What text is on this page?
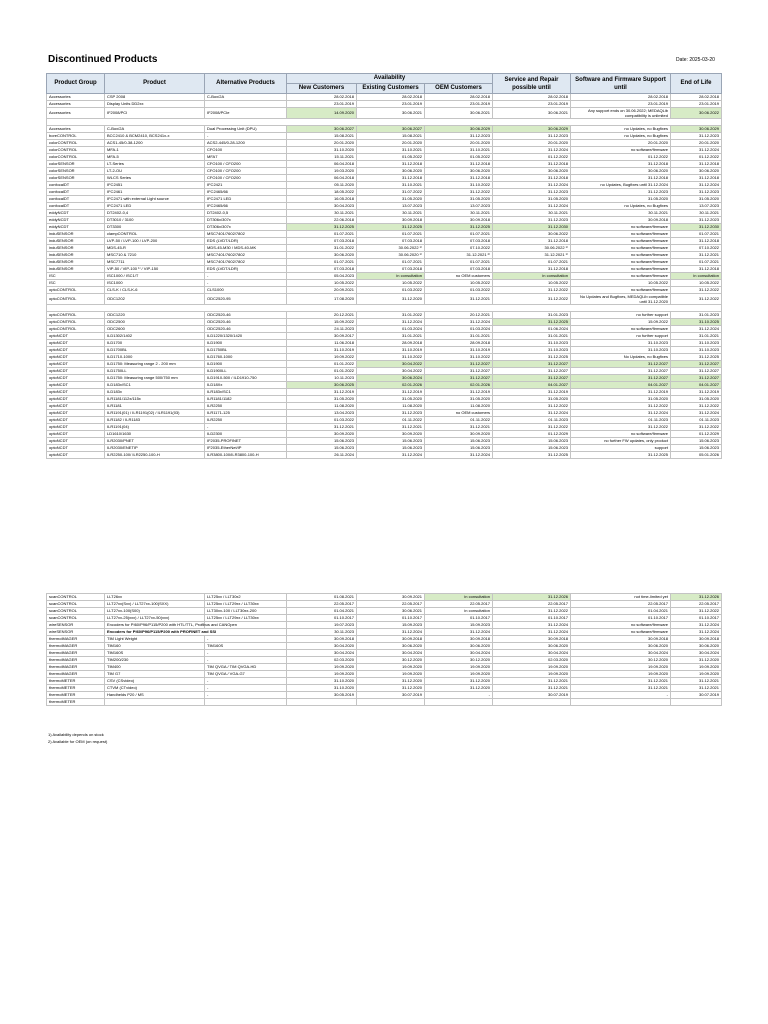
Discontinued Products	Date: 2025-03-20
Product Group	Product	Alternative Products	Availability			Service and Repair possible until	Software and Firmware Support until	End of Life
			New Customers	Existing Customers	OEM Customers			
Accessories	CSP 2008	C-Box/2A	28.02.2018	28.02.2018	28.02.2018	28.02.2018	28.02.2018	28.02.2018
Accessories	Display Units DD2xx		23.01.2019	23.01.2019	23.01.2019	23.01.2019	23.01.2019	23.01.2019
Accessories	IF2008/PCI	IF2008/PCIe	14.09.2020	30.06.2021	30.06.2021	30.06.2021	Any support ends on 30.06.2022; MEDAQLib compatibility is unlimited	30.06.2022

Accessories	C-Box/2A	Dual Processing Unit (DPU)	30.06.2027	30.06.2027	30.06.2029	30.06.2029	no Updates, no Bugfixes	30.06.2029
boreCONTROL	BCC2410 & BCM2410, BCS241x-x	-	15.08.2021	15.08.2021	31.12.2023	31.12.2023	no Updates, no Bugfixes	31.12.2023
colorCONTROL	ACS1-45/0-38-1200	ACS2-445/0-28-1200	20.01.2020	20.01.2020	20.01.2020	20.01.2020	20.01.2020	20.01.2020
colorCONTROL	MFA-1	CFO100	31.10.2020	31.10.2021	31.10.2021	31.12.2024	no software/firmware	31.12.2024
colorCONTROL	MFA-5	MFA7	15.11.2021	01.05.2022	01.05.2022	01.12.2022	01.12.2022	01.12.2022
colorSENSOR	LT-Series	CFO100 / CFO200	06.04.2018	31.12.2018	31.12.2018	31.12.2018	31.12.2018	31.12.2018
colorSENSOR	LT-2-OU	CFO100 / CFO200	19.03.2020	30.06.2020	30.06.2020	30.06.2020	30.06.2020	30.06.2020
colorSENSOR	WLCS Series	CFO100 / CFO200	06.04.2018	31.12.2018	31.12.2018	31.12.2018	31.12.2018	31.12.2018
confocalDT	IFC2451	IFC2421	05.11.2020	31.10.2021	31.10.2022	31.12.2024	no Updates, Bugfixes until 31.12.2024	31.12.2024
confocalDT	IFC2461	IFC2465/66	18.05.2022	31.07.2022	31.12.2022	31.12.2023	31.12.2023	31.12.2023
confocalDT	IFC2471 with external Light source	IFC2471 LED	16.05.2018	31.05.2020	31.05.2020	31.05.2020	31.05.2020	31.05.2020
confocalDT	IFC2471 LED	IFC2465/66	30.04.2023	13.07.2023	13.07.2023	31.12.2024	no Updates, no Bugfixes	13.07.2023
eddyNCDT	DT2402-0,4	DT2402-0,5	30.11.2021	30.11.2021	30.11.2021	30.11.2021	30.11.2021	30.11.2021
eddyNCDT	DT3010 / 3100	DT306x/307x	22.06.2018	30.09.2018	30.09.2018	31.12.2023	30.09.2018	31.12.2023
eddyNCDT	DT3300	DT306x/307x	31.12.2025	31.12.2025	31.12.2025	31.12.2030	no software/firmware	31.12.2030
induSENSOR	clampCONTROL	MSC7401/7602/7802	01.07.2021	01.07.2021	01.07.2021	30.06.2022	no software/firmware	01.07.2021
induSENSOR	LVP-50 / LVP-100 / LVP-200	EDS (LVDT/LDR)	07.03.2018	07.03.2018	07.03.2018	31.12.2018	no software/firmware	31.12.2018
induSENSOR	MDS-45-R	MDS-45-M30 / MDS-40-MK	31.01.2022	30.06.2022 ¹⁾	07.10.2022	30.06.2022 ¹⁾	no software/firmware	07.10.2022
induSENSOR	MSC710 & 7210	MSC7401/7602/7802	30.06.2020	30.06.2020 ¹⁾	31.12.2021 ²⁾	31.12.2021 ¹⁾	no software/firmware	31.12.2021
induSENSOR	MSC7711	MSC7401/7602/7802	01.07.2021	01.07.2021	01.07.2021	01.07.2021	no software/firmware	01.07.2021
induSENSOR	VIP-50 / VIP-100 ¹⁾ / VIP-150	EDS (LVDT/LDR)	07.03.2018	07.03.2018	07.03.2018	31.12.2018	no software/firmware	31.12.2018
ISC	ISC1000 / ISC1/T	-	05.04.2023	in consultation	no OEM customers	in consultation	no software/firmware	in consultation
ISC	ISC1000	-	10.05.2022	10.05.2022	10.05.2022	10.05.2022	10.05.2022	10.05.2022
optoCONTROL	CLS-K / CLS-K-6	CLS1000	20.09.2021	01.03.2022	01.03.2022	31.12.2022	no software/firmware	31.12.2022
optoCONTROL	ODC1202	ODC2520-95	17.08.2020	31.12.2020	31.12.2021	31.12.2022	No Updates and Bugfixes, MEDAQLib compatible until 31.12.2020	31.12.2022

optoCONTROL	ODC1220	ODC2520-46	20.12.2021	31.01.2022	20.12.2021	31.01.2023	no further support	31.01.2023
optoCONTROL	ODC2500	ODC2520-46	15.09.2022	31.12.2024	31.12.2024	31.12.2025	15.09.2022	31.10.2025
optoCONTROL	ODC2600	ODC2520-46	24.11.2023	01.03.2024	01.03.2024	01.06.2024	no software/firmware	31.12.2024
optoNCDT	ILD1302/1402	ILD1220/1320/1420	30.09.2017	31.01.2021	31.01.2021	31.01.2021	no further support	31.01.2021
optoNCDT	ILD1700	ILD1900	11.06.2018	28.09.2018	28.09.2018	31.10.2023	31.10.2023	31.10.2023
optoNCDT	ILD1700BL	ILD1750BL	31.10.2019	31.10.2019	31.10.2019	31.10.2023	31.10.2023	31.10.2023
optoNCDT	ILD1710-1000	ILD1760-1000	19.09.2022	31.10.2022	31.10.2022	31.12.2025	No Updates, no Bugfixes	31.12.2025
optoNCDT	ILD1750: Measuring range 2 - 200 mm	ILD1900	01.01.2022	30.04.2022	31.12.2027	31.12.2027	31.12.2027	31.12.2027
optoNCDT	ILD1750LL	ILD1900LL	01.01.2022	30.04.2022	31.12.2027	31.12.2027	31.12.2027	31.12.2027
optoNCDT	ILD1750: Measuring range 500/750 mm	ILD1910-500 / ILD1910-750	10.11.2023	30.06.2024	31.12.2027	31.12.2027	31.12.2027	31.12.2027
optoNCDT	ILD183x/SC1	ILD18Xx	30.06.2025	02.01.2026	02.01.2026	04.01.2027	04.01.2027	04.01.2027
optoNCDT	ILD183x	ILR183x/SC1	31.12.2019	31.12.2019	31.12.2019	31.12.2019	31.12.2019	31.12.2019
optoNCDT	ILR1181/112x/115x	ILR1181/1182	31.05.2020	31.05.2020	31.05.2020	31.05.2020	31.05.2020	31.05.2020
optoNCDT	ILR1181	ILR2250	11.08.2020	11.08.2020	11.08.2020	31.12.2022	31.12.2022	31.12.2022
optoNCDT	ILR1191(01) / ILR1191(02) / ILR1191(03)	ILR1171-125	13.04.2023	31.12.2023	no OEM customers	31.12.2024	31.12.2024	31.12.2024
optoNCDT	ILR1182 / ILR1183	ILR2250	01.03.2022	01.11.2022	01.11.2022	01.11.2023	01.11.2023	01.11.2023
optoNCDT	ILR1191(04)	-	31.12.2021	31.12.2021	31.12.2021	31.12.2022	31.12.2022	31.12.2022
optoNCDT	LD1610/1630	ILD2300	30.09.2020	30.09.2020	30.09.2020	01.12.2029	no software/firmware	01.12.2029
optoNCDT	ILR2030/PNET	IF2035-PROFINET	15.06.2023	15.06.2023	15.06.2023	15.06.2023	no further FW updates, only product	15.06.2023
optoNCDT	ILR2030/ENETIP	IF2035-EtherNet/IP	15.06.2023	15.06.2023	15.06.2023	15.06.2023	support	15.06.2023
optoNCDT	ILR2250-100/ ILR2250-100-H	ILR3800-100/ILR3800-100-H	26.11.2024	31.12.2024	31.12.2024	31.12.2025	31.12.2025	05.01.2026
scanCONTROL	LLT26xx	LLT25xx / LLT30x2	01.08.2021	30.09.2021	in consultation	31.12.2026	not time-limited yet	31.12.2026
scanCONTROL	LLT27xx(Sxx) / LLT27xx-100(SXX)	LLT25xx / LLT29xx / LLT30xx	22.05.2017	22.05.2017	22.05.2017	22.05.2017	22.05.2017	22.05.2017
scanCONTROL	LLT27xx-100(S00)	LLT30xx-100 / LLT30xx-200	01.04.2021	30.06.2021	in consultation	31.12.2022	01.04.2021	31.12.2022
scanCONTROL	LLT27xx-25(xxx) / LLT27xx-50(xxx)	LLT25xx / LLT29xx / LLT30xx	01.10.2017	01.10.2017	01.10.2017	01.10.2017	01.10.2017	01.10.2017
wireSENSOR	Encoders for PI60/P96/P115/P200 with HTL/TTL, Profibus and CANOpen		19.07.2023	15.09.2023	15.09.2023	31.12.2024	no software/firmware	31.12.2024
wireSENSOR	Encoders for PI60/P96/P115/P200 with PROFINET and SSI		30.11.2023	31.12.2024	31.12.2024	31.12.2024	no software/firmware	31.12.2024
thermoIMAGER	TIM Light Weight	-	30.09.2018	30.09.2018	30.09.2018	30.09.2018	30.09.2018	30.09.2018
thermoIMAGER	TIM160	TIM160S	30.04.2020	30.06.2020	30.06.2020	30.06.2020	30.06.2020	30.06.2020
thermoIMAGER	TIM160S	-	30.04.2024	30.04.2024	30.04.2024	30.04.2024	30.04.2024	30.04.2024
thermoIMAGER	TIM200/230	-	02.03.2020	30.12.2020	30.12.2020	02.03.2020	30.12.2020	31.12.2020
thermoIMAGER	TIM400	TIM QVGA / TIM QVGA-HD	19.09.2020	19.09.2020	19.09.2020	19.09.2020	19.09.2020	19.09.2020
thermoIMAGER	TIM G7	TIM QVGA / VGA-G7	19.09.2020	19.09.2020	19.09.2020	19.09.2020	19.09.2020	19.09.2020
thermoMETER	CSV (CSvideo)	-	31.10.2020	31.12.2020	31.12.2020	31.12.2021	31.12.2021	31.12.2021
thermoMETER	CTVM (CTvideo)	-	31.10.2020	31.12.2020	31.12.2020	31.12.2021	31.12.2021	31.12.2021
thermoMETER	Handhelds P20 / MS	-	30.05.2019	30.07.2019	-	30.07.2019	-	30.07.2019
thermoMETER								
1) Availability depends on stock
2) Available for OEM (on request)
